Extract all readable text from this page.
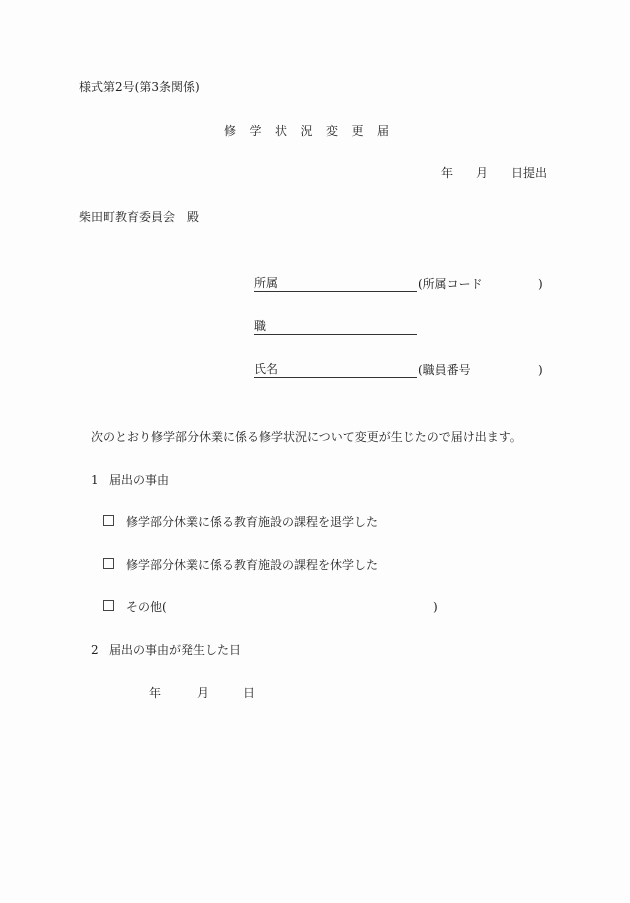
様式第2号(第3条関係)
修学状況変更届
年 月 日提出
柴田町教育委員会　殿
所属	(所属コード	)
職
氏名	(職員番号	)
次のとおり修学部分休業に係る修学状況について変更が生じたので届け出ます。
1 届出の事由
修学部分休業に係る教育施設の課程を退学した
修学部分休業に係る教育施設の課程を休学した
その他(	)
2 届出の事由が発生した日
年	月	日
